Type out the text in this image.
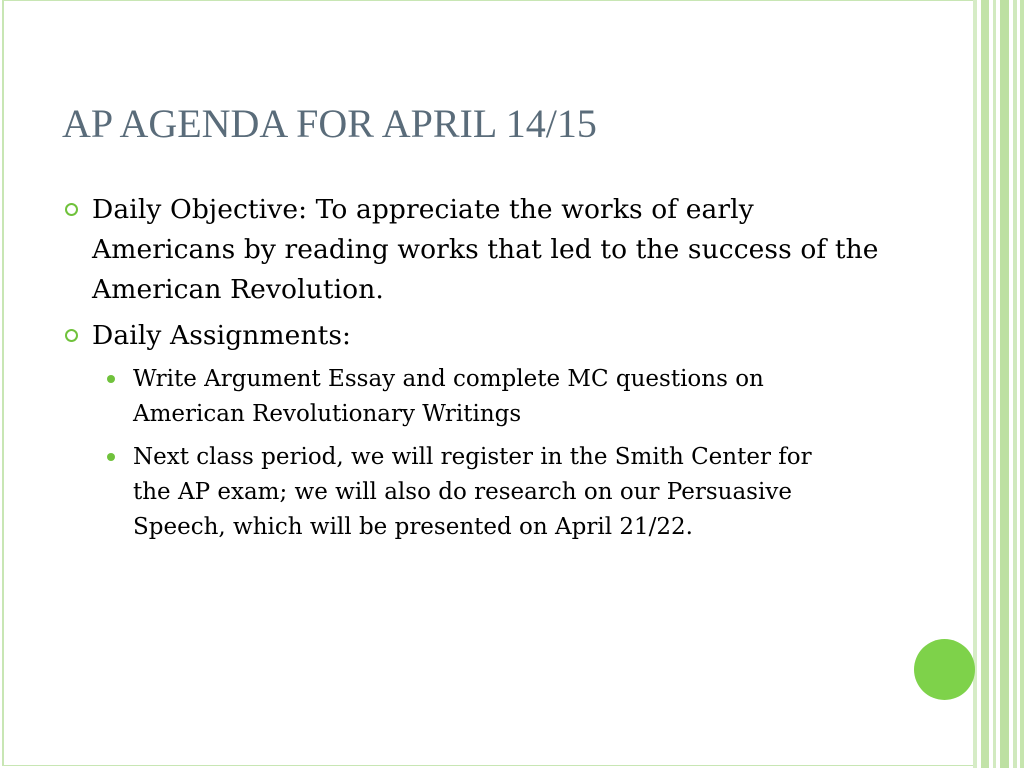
AP AGENDA FOR APRIL 14/15
Daily Objective: To appreciate the works of early Americans by reading works that led to the success of the American Revolution.
Daily Assignments:
Write Argument Essay and complete MC questions on American Revolutionary Writings
Next class period, we will register in the Smith Center for the AP exam; we will also do research on our Persuasive Speech, which will be presented on April 21/22.
